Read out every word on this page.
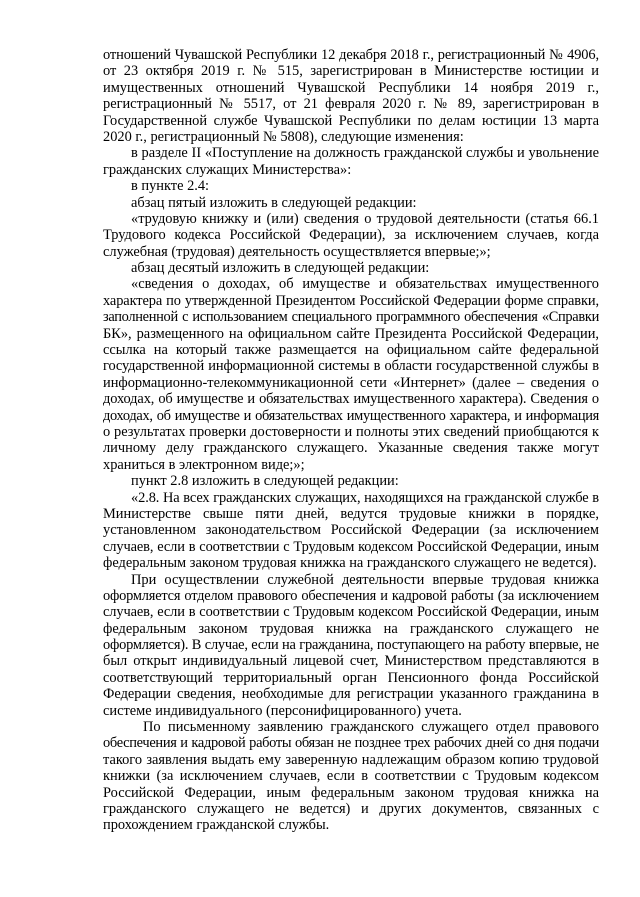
отношений Чувашской Республики 12 декабря 2018 г., регистрационный № 4906,
от 23 октября 2019 г. № 515, зарегистрирован в Министерстве юстиции и
имущественных отношений Чувашской Республики 14 ноября 2019 г.,
регистрационный № 5517, от 21 февраля 2020 г. № 89, зарегистрирован в
Государственной службе Чувашской Республики по делам юстиции 13 марта
2020 г., регистрационный № 5808), следующие изменения:
в разделе II «Поступление на должность гражданской службы и увольнение
гражданских служащих Министерства»:
в пункте 2.4:
абзац пятый изложить в следующей редакции:
«трудовую книжку и (или) сведения о трудовой деятельности (статья 66.1
Трудового кодекса Российской Федерации), за исключением случаев, когда
служебная (трудовая) деятельность осуществляется впервые;»;
абзац десятый изложить в следующей редакции:
«сведения о доходах, об имуществе и обязательствах имущественного
характера по утвержденной Президентом Российской Федерации форме справки,
заполненной с использованием специального программного обеспечения «Справки
БК», размещенного на официальном сайте Президента Российской Федерации,
ссылка на который также размещается на официальном сайте федеральной
государственной информационной системы в области государственной службы в
информационно-телекоммуникационной сети «Интернет» (далее – сведения о
доходах, об имуществе и обязательствах имущественного характера). Сведения о
доходах, об имуществе и обязательствах имущественного характера, и информация
о результатах проверки достоверности и полноты этих сведений приобщаются к
личному делу гражданского служащего. Указанные сведения также могут
храниться в электронном виде;»;
пункт 2.8 изложить в следующей редакции:
«2.8. На всех гражданских служащих, находящихся на гражданской службе в
Министерстве свыше пяти дней, ведутся трудовые книжки в порядке,
установленном законодательством Российской Федерации (за исключением
случаев, если в соответствии с Трудовым кодексом Российской Федерации, иным
федеральным законом трудовая книжка на гражданского служащего не ведется).
При осуществлении служебной деятельности впервые трудовая книжка
оформляется отделом правового обеспечения и кадровой работы (за исключением
случаев, если в соответствии с Трудовым кодексом Российской Федерации, иным
федеральным законом трудовая книжка на гражданского служащего не
оформляется). В случае, если на гражданина, поступающего на работу впервые, не
был открыт индивидуальный лицевой счет, Министерством представляются в
соответствующий территориальный орган Пенсионного фонда Российской
Федерации сведения, необходимые для регистрации указанного гражданина в
системе индивидуального (персонифицированного) учета.
По письменному заявлению гражданского служащего отдел правового
обеспечения и кадровой работы обязан не позднее трех рабочих дней со дня подачи
такого заявления выдать ему заверенную надлежащим образом копию трудовой
книжки (за исключением случаев, если в соответствии с Трудовым кодексом
Российской Федерации, иным федеральным законом трудовая книжка на
гражданского служащего не ведется) и других документов, связанных с
прохождением гражданской службы.
